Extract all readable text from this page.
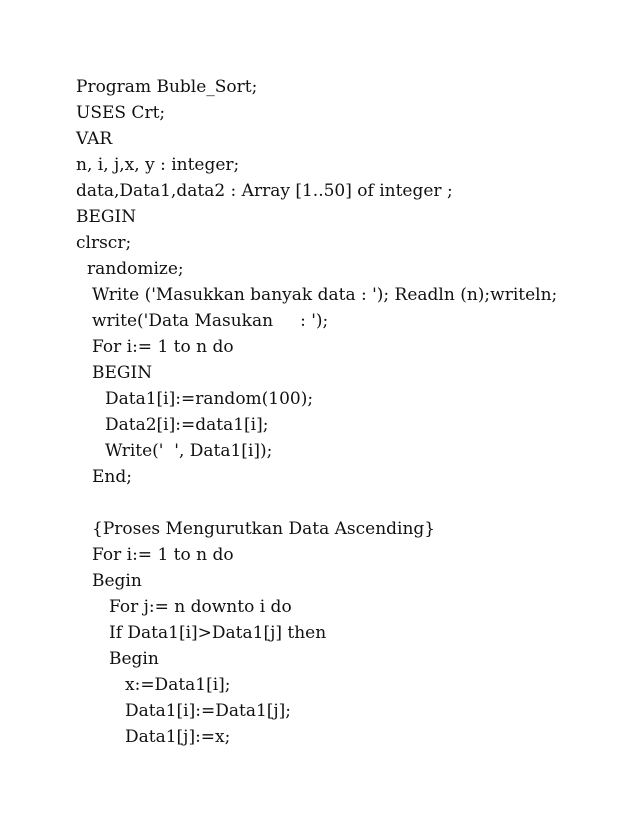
Program Buble_Sort;
USES Crt;
VAR
n, i, j,x, y : integer;
data,Data1,data2 : Array [1..50] of integer ;
BEGIN
clrscr;
randomize;
Write ('Masukkan banyak data : '); Readln (n);writeln;
write('Data Masukan     : ');
For i:= 1 to n do
BEGIN
Data1[i]:=random(100);
Data2[i]:=data1[i];
Write('  ', Data1[i]);
End;
{Proses Mengurutkan Data Ascending}
For i:= 1 to n do
Begin
For j:= n downto i do
If Data1[i]>Data1[j] then
Begin
x:=Data1[i];
Data1[i]:=Data1[j];
Data1[j]:=x;
